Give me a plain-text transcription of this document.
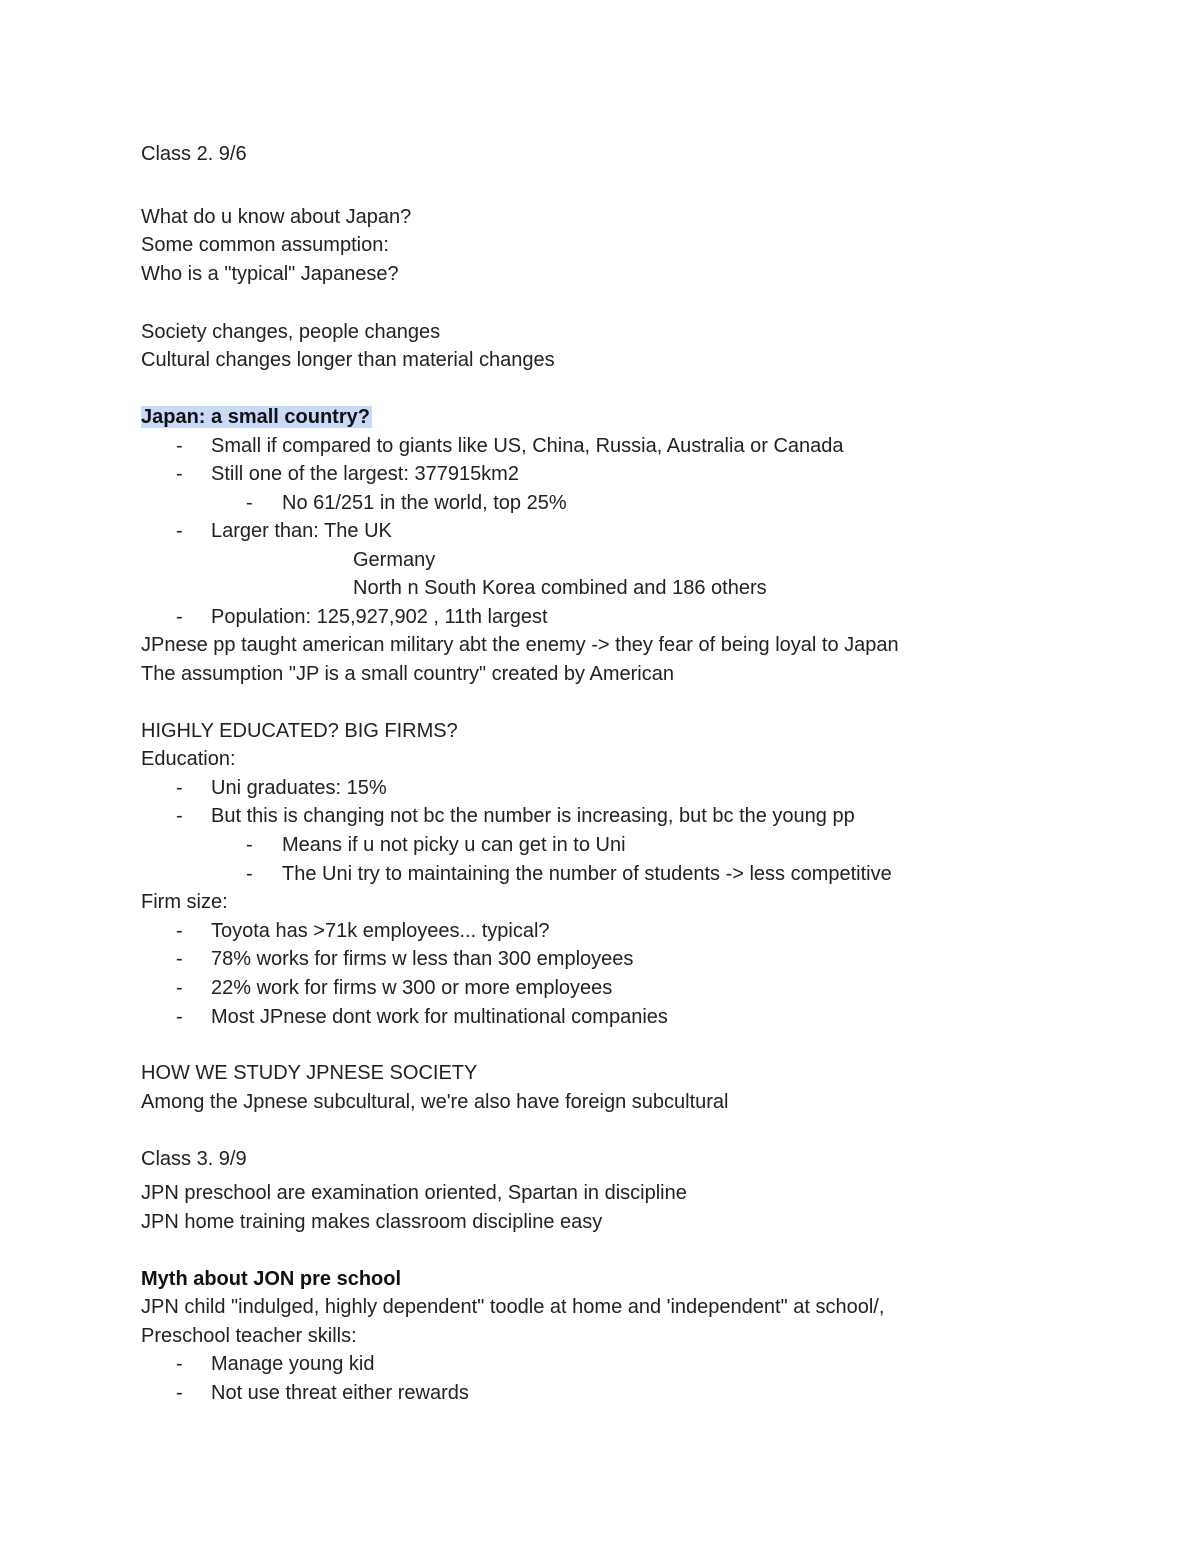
Class 2. 9/6
What do u know about Japan?
Some common assumption:
Who is a "typical" Japanese?
Society changes, people changes
Cultural changes longer than material changes
Japan: a small country?
- Small if compared to giants like US, China, Russia, Australia or Canada
- Still one of the largest: 377915km2
- No 61/251 in the world, top 25%
- Larger than: The UK
Germany
North n South Korea combined and 186 others
- Population: 125,927,902 , 11th largest
JPnese pp taught american military abt the enemy -> they fear of being loyal to Japan
The assumption "JP is a small country" created by American
HIGHLY EDUCATED? BIG FIRMS?
Education:
- Uni graduates: 15%
- But this is changing not bc the number is increasing, but bc the young pp
- Means if u not picky u can get in to Uni
- The Uni try to maintaining the number of students -> less competitive
Firm size:
- Toyota has >71k employees... typical?
- 78% works for firms w less than 300 employees
- 22% work for firms w 300 or more employees
- Most JPnese dont work for multinational companies
HOW WE STUDY JPNESE SOCIETY
Among the Jpnese subcultural, we're also have foreign subcultural
Class 3. 9/9
JPN preschool are examination oriented, Spartan in discipline
JPN home training makes classroom discipline easy
Myth about JON pre school
JPN child "indulged, highly dependent" toodle at home and 'independent" at school/,
Preschool teacher skills:
- Manage young kid
- Not use threat either rewards
